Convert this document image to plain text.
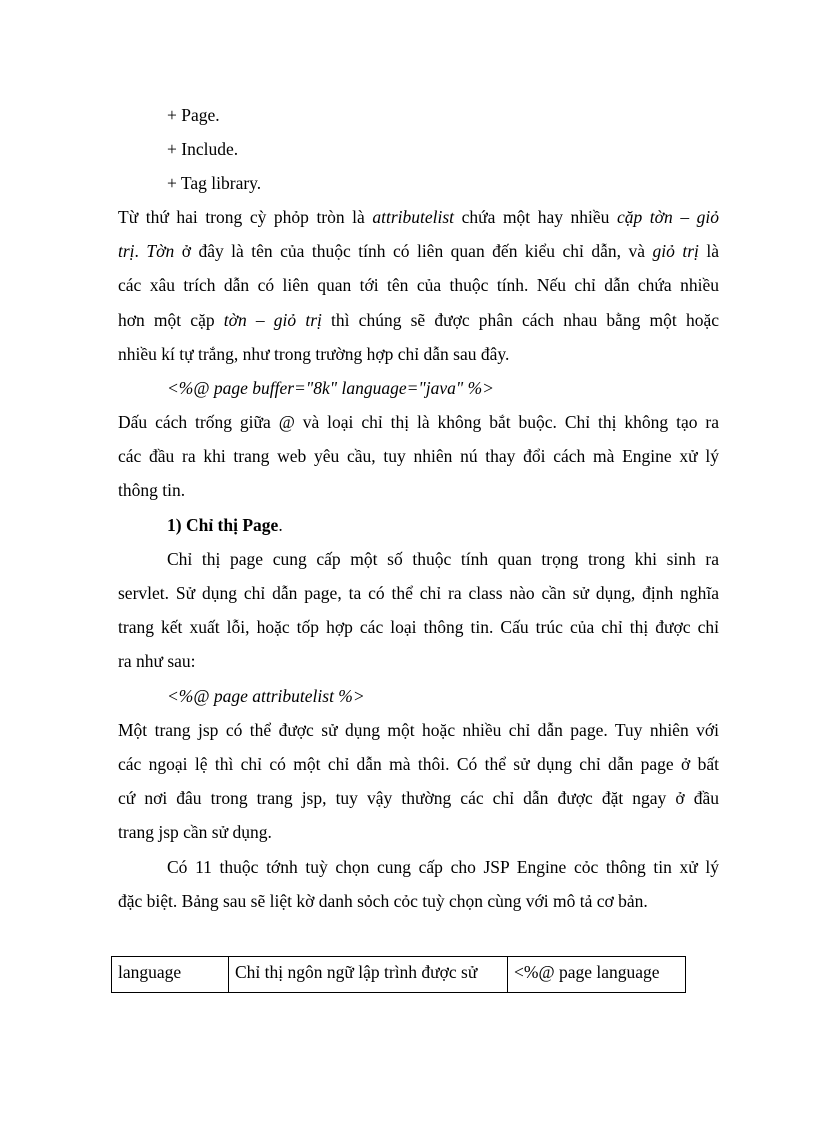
+ Page.
+ Include.
+ Tag library.
Từ thứ hai trong cỳ phỏp tròn là attributelist chứa một hay nhiều cặp tờn – giỏ
trị. Tờn ở đây là tên của thuộc tính có liên quan đến kiểu chỉ dẫn, và giỏ trị là
các xâu trích dẫn có liên quan tới tên của thuộc tính. Nếu chỉ dẫn chứa nhiều
hơn một cặp tờn – giỏ trị thì chúng sẽ được phân cách nhau bằng một hoặc
nhiều kí tự trắng, như trong trường hợp chỉ dẫn sau đây.
<%@ page buffer="8k" language="java" %>
Dấu cách trống giữa @ và loại chỉ thị là không bắt buộc. Chỉ thị không tạo ra
các đầu ra khi trang web yêu cầu, tuy nhiên nú thay đổi cách mà Engine xử lý
thông tin.
1) Chỉ thị Page.
Chỉ thị page cung cấp một số thuộc tính quan trọng trong khi sinh ra
servlet. Sử dụng chỉ dẫn page, ta có thể chỉ ra class nào cần sử dụng, định nghĩa
trang kết xuất lỗi, hoặc tốp hợp các loại thông tin. Cấu trúc của chỉ thị được chỉ
ra như sau:
<%@ page attributelist %>
Một trang jsp có thể được sử dụng một hoặc nhiều chỉ dẫn page. Tuy nhiên với
các ngoại lệ thì chỉ có một chỉ dẫn mà thôi. Có thể sử dụng chỉ dẫn page ở bất
cứ nơi đâu trong trang jsp, tuy vậy thường các chỉ dẫn được đặt ngay ở đầu
trang jsp cần sử dụng.
Có 11 thuộc tớnh tuỳ chọn cung cấp cho JSP Engine cỏc thông tin xử lý
đặc biệt. Bảng sau sẽ liệt kờ danh sỏch cỏc tuỳ chọn cùng với mô tả cơ bản.
language	Chỉ thị ngôn ngữ lập trình được sử	<%@ page language
